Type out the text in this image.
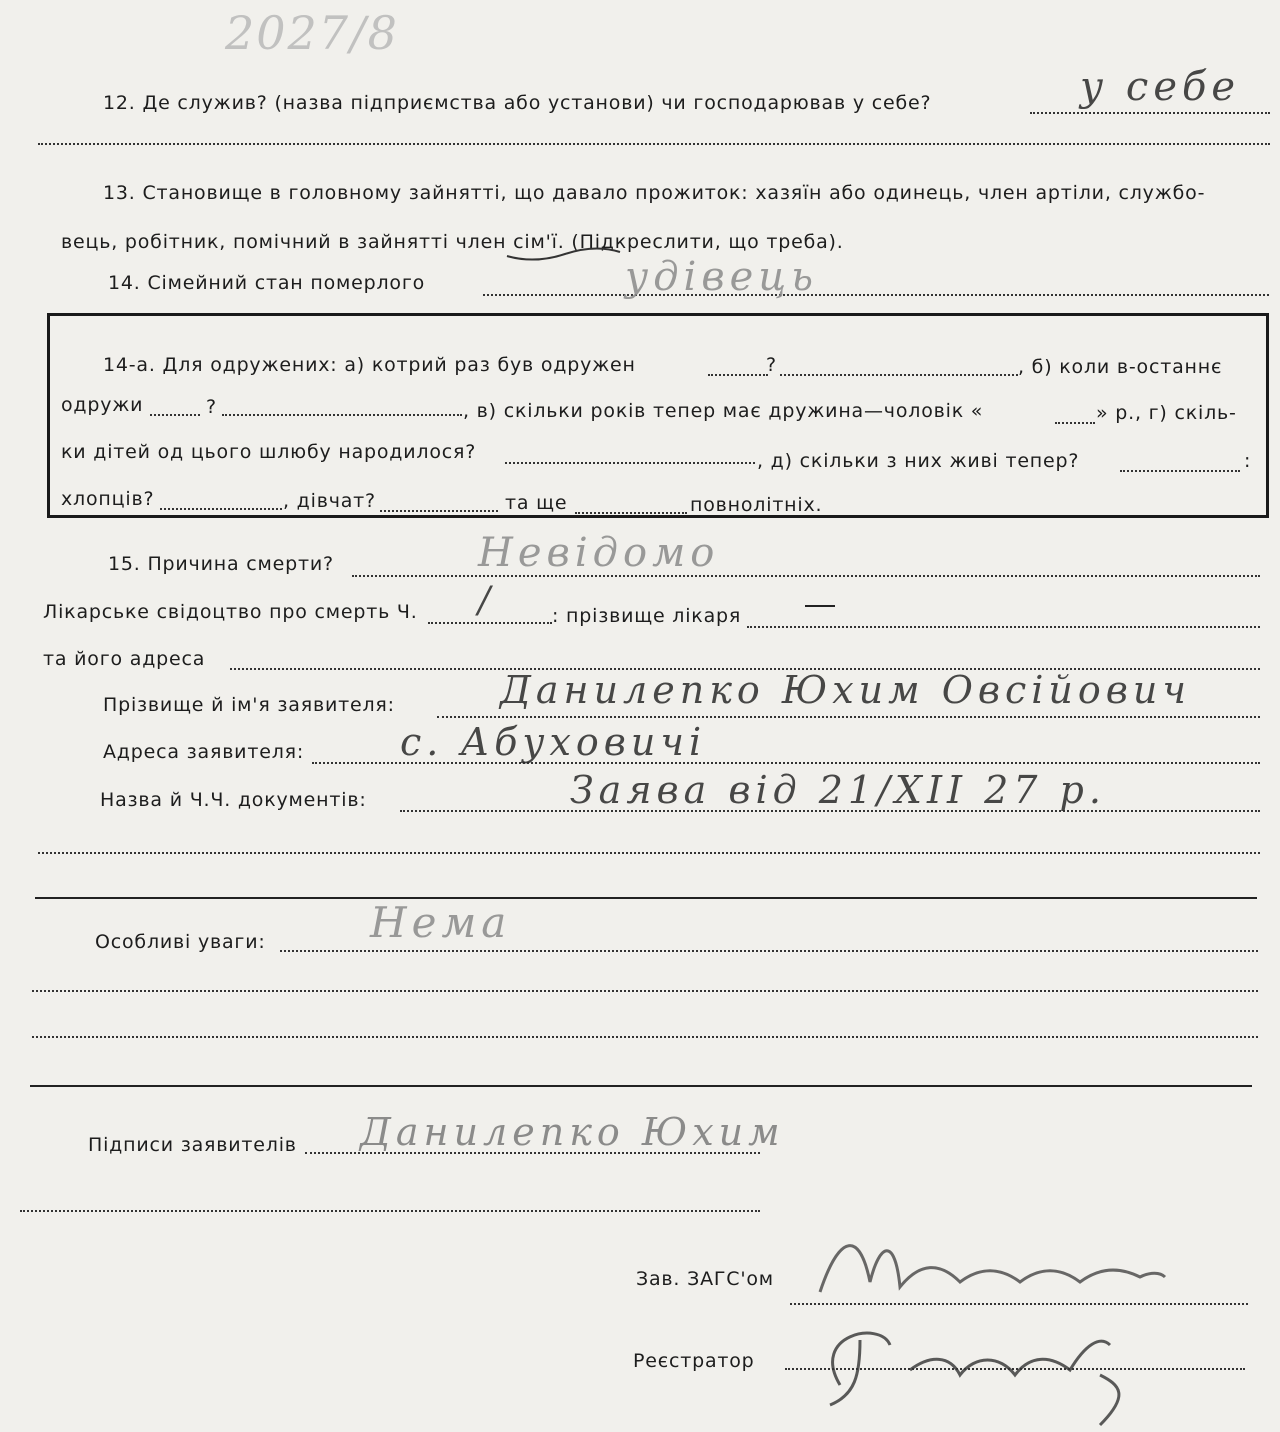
2027/8
12. Де служив? (назва підприємства або установи) чи господарював у себе?	у себе
13. Становище в головному зайнятті, що давало прожиток: хазяїн або одинець, член артіли, службо-
вець, робітник, помічний в зайнятті член сім'ї. (Підкреслити, що треба).
14. Сімейний стан померлого	удівець
14-а. Для одружених: а) котрий раз був одружен	?	, б) коли в-останнє
одружи	?	, в) скільки років тепер має дружина—чоловік «	» р., г) скіль-
ки дітей од цього шлюбу народилося?	, д) скільки з них живі тепер?	:
хлопців?	, дівчат?	та ще	повнолітніх.
15. Причина смерти?	Невідомо
Лікарське свідоцтво про смерть Ч. /	: прізвище лікаря
та його адреса
Прізвище й ім'я заявителя:	Данилепко Юхим Овсійович
Адреса заявителя:	с. Абуховичі
Назва й Ч.Ч. документів:	Заява від 21/XII 27 р.
Особливі уваги: Нема
Підписи заявителів Данилепко Юхим
Зав. ЗАГС'ом
Реєстратор
